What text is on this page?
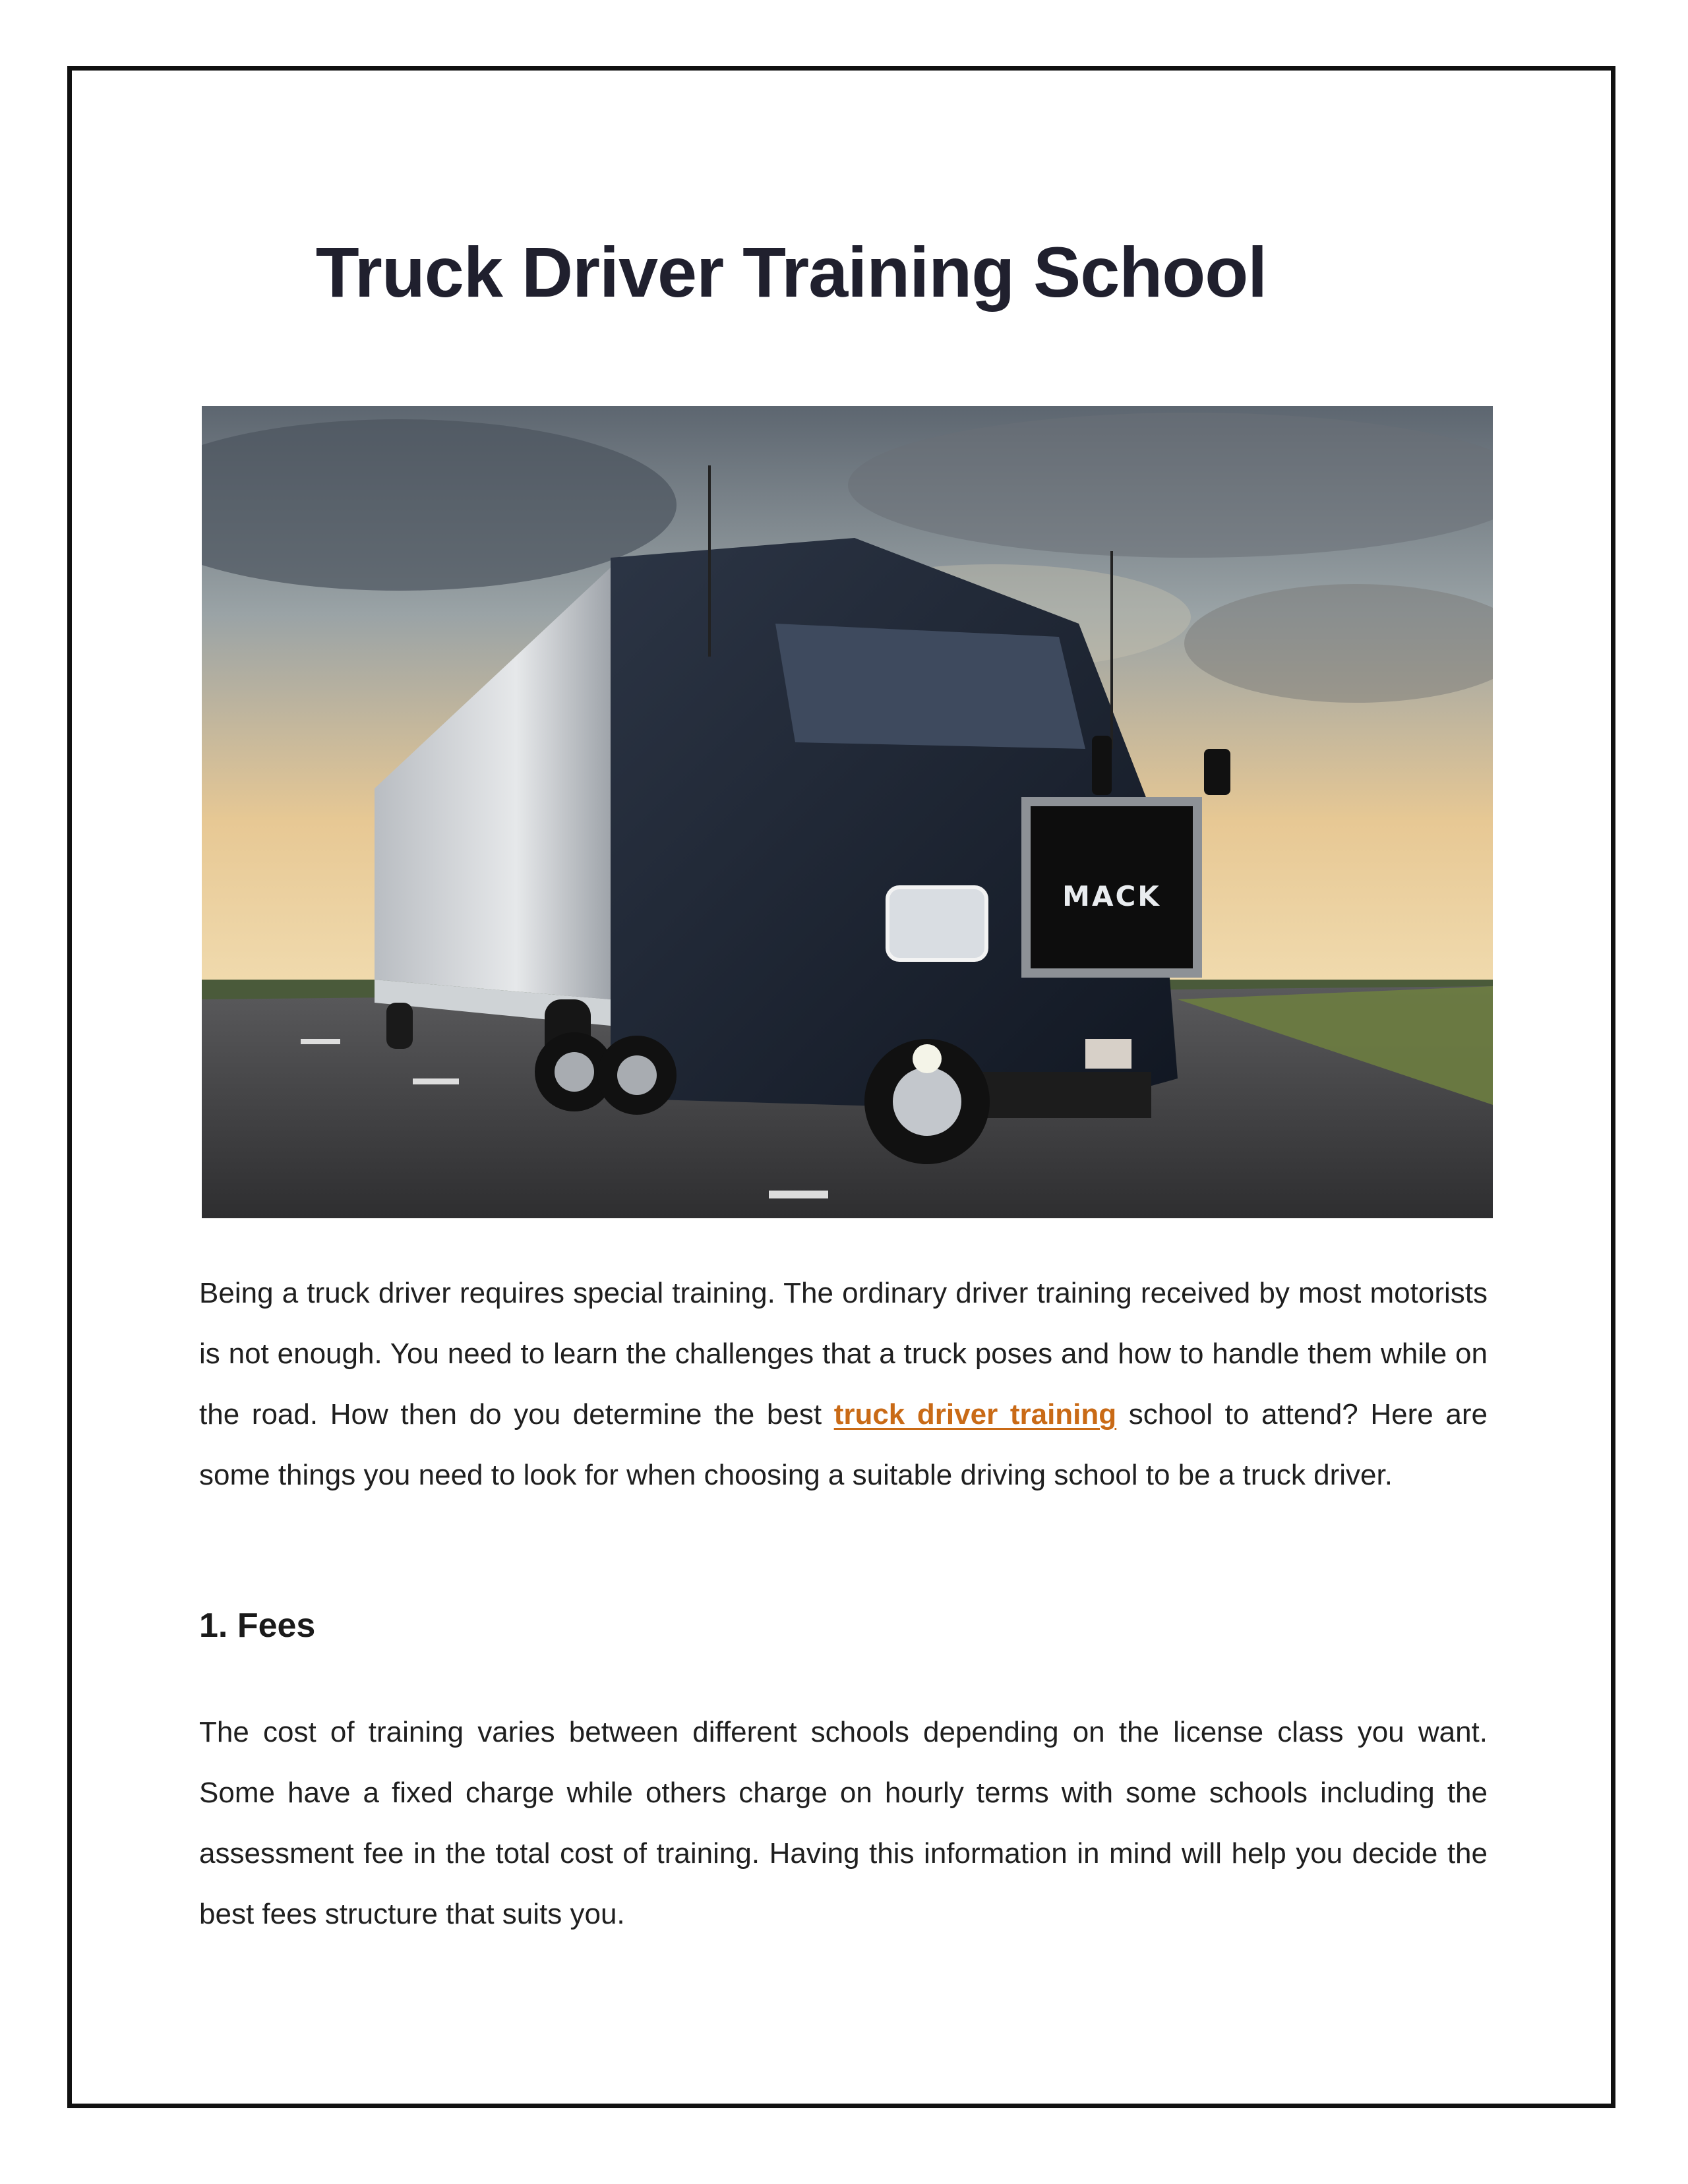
Truck Driver Training School
MACK

Being a truck driver requires special training. The ordinary driver training received by most motorists is not enough. You need to learn the challenges that a truck poses and how to handle them while on the road. How then do you determine the best truck driver training school to attend? Here are some things you need to look for when choosing a suitable driving school to be a truck driver.

1. Fees

The cost of training varies between different schools depending on the license class you want. Some have a fixed charge while others charge on hourly terms with some schools including the assessment fee in the total cost of training. Having this information in mind will help you decide the best fees structure that suits you.
